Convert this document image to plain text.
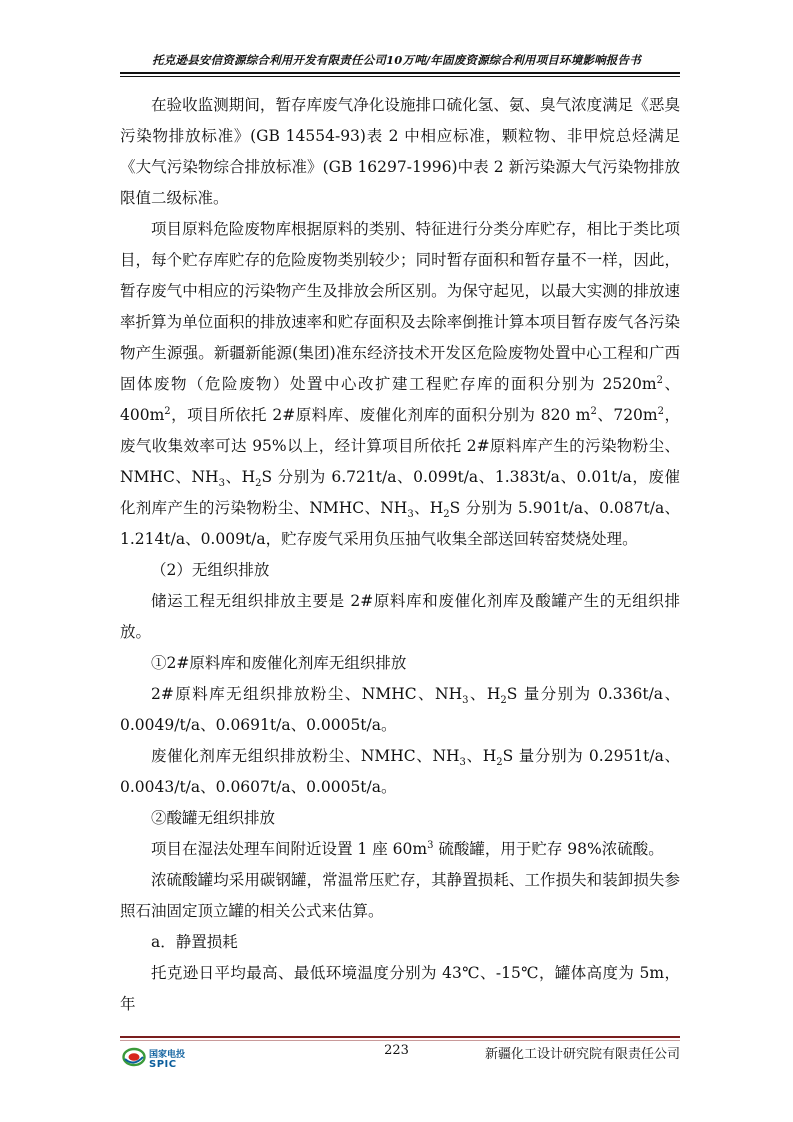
托克逊县安信资源综合利用开发有限责任公司10万吨/年固废资源综合利用项目环境影响报告书

在验收监测期间，暂存库废气净化设施排口硫化氢、氨、臭气浓度满足《恶臭污染物排放标准》(GB 14554-93)表 2 中相应标准，颗粒物、非甲烷总烃满足《大气污染物综合排放标准》(GB 16297-1996)中表 2 新污染源大气污染物排放限值二级标准。

项目原料危险废物库根据原料的类别、特征进行分类分库贮存，相比于类比项目，每个贮存库贮存的危险废物类别较少；同时暂存面积和暂存量不一样，因此，暂存废气中相应的污染物产生及排放会所区别。为保守起见，以最大实测的排放速率折算为单位面积的排放速率和贮存面积及去除率倒推计算本项目暂存废气各污染物产生源强。新疆新能源(集团)准东经济技术开发区危险废物处置中心工程和广西固体废物（危险废物）处置中心改扩建工程贮存库的面积分别为 $2520m^2$、$400m^2$，项目所依托 2#原料库、废催化剂库的面积分别为 820 $m^2$、$720m^2$，废气收集效率可达 95%以上，经计算项目所依托 2#原料库产生的污染物粉尘、NMHC、$NH_3$、$H_2S$ 分别为 6.721t/a、0.099t/a、1.383t/a、0.01t/a，废催化剂库产生的污染物粉尘、NMHC、$NH_3$、$H_2S$ 分别为 5.901t/a、0.087t/a、1.214t/a、0.009t/a，贮存废气采用负压抽气收集全部送回转窑焚烧处理。

（2）无组织排放

储运工程无组织排放主要是 2#原料库和废催化剂库及酸罐产生的无组织排放。

①2#原料库和废催化剂库无组织排放

2#原料库无组织排放粉尘、NMHC、$NH_3$、$H_2S$ 量分别为 0.336t/a、0.0049/t/a、0.0691t/a、0.0005t/a。

废催化剂库无组织排放粉尘、NMHC、$NH_3$、$H_2S$ 量分别为 0.2951t/a、0.0043/t/a、0.0607t/a、0.0005t/a。

②酸罐无组织排放

项目在湿法处理车间附近设置 1 座 $60m^3$ 硫酸罐，用于贮存 98%浓硫酸。

浓硫酸罐均采用碳钢罐，常温常压贮存，其静置损耗、工作损失和装卸损失参照石油固定顶立罐的相关公式来估算。

a．静置损耗

托克逊日平均最高、最低环境温度分别为 43℃、-15℃，罐体高度为 5m，年

国家电投
SPIC
223	新疆化工设计研究院有限责任公司
